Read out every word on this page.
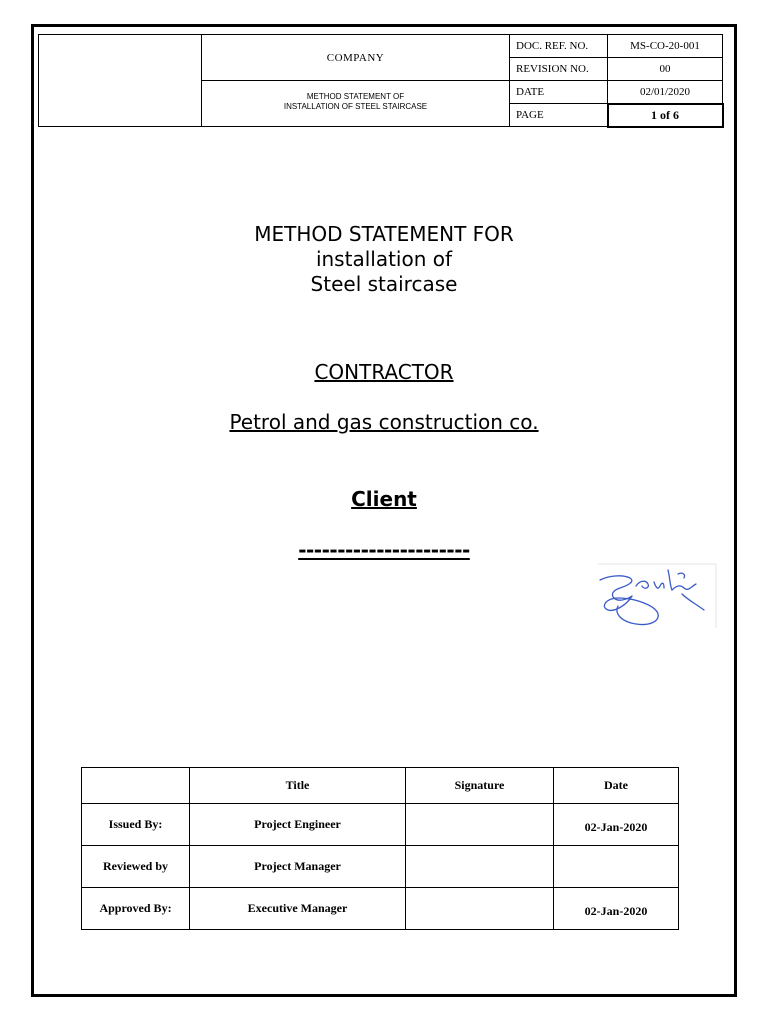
	COMPANY	DOC. REF. NO.	MS-CO-20-001
		REVISION NO.	00

	METHOD STATEMENT OF
INSTALLATION OF STEEL STAIRCASE	DATE	02/01/2020
		PAGE	1 of 6
METHOD STATEMENT FOR
installation of
Steel staircase
CONTRACTOR
Petrol and gas construction co.
Client
----------------------
	Title	Signature	Date
Issued By:	Project Engineer		02-Jan-2020
Reviewed by	Project Manager		
Approved By:	Executive Manager		02-Jan-2020
